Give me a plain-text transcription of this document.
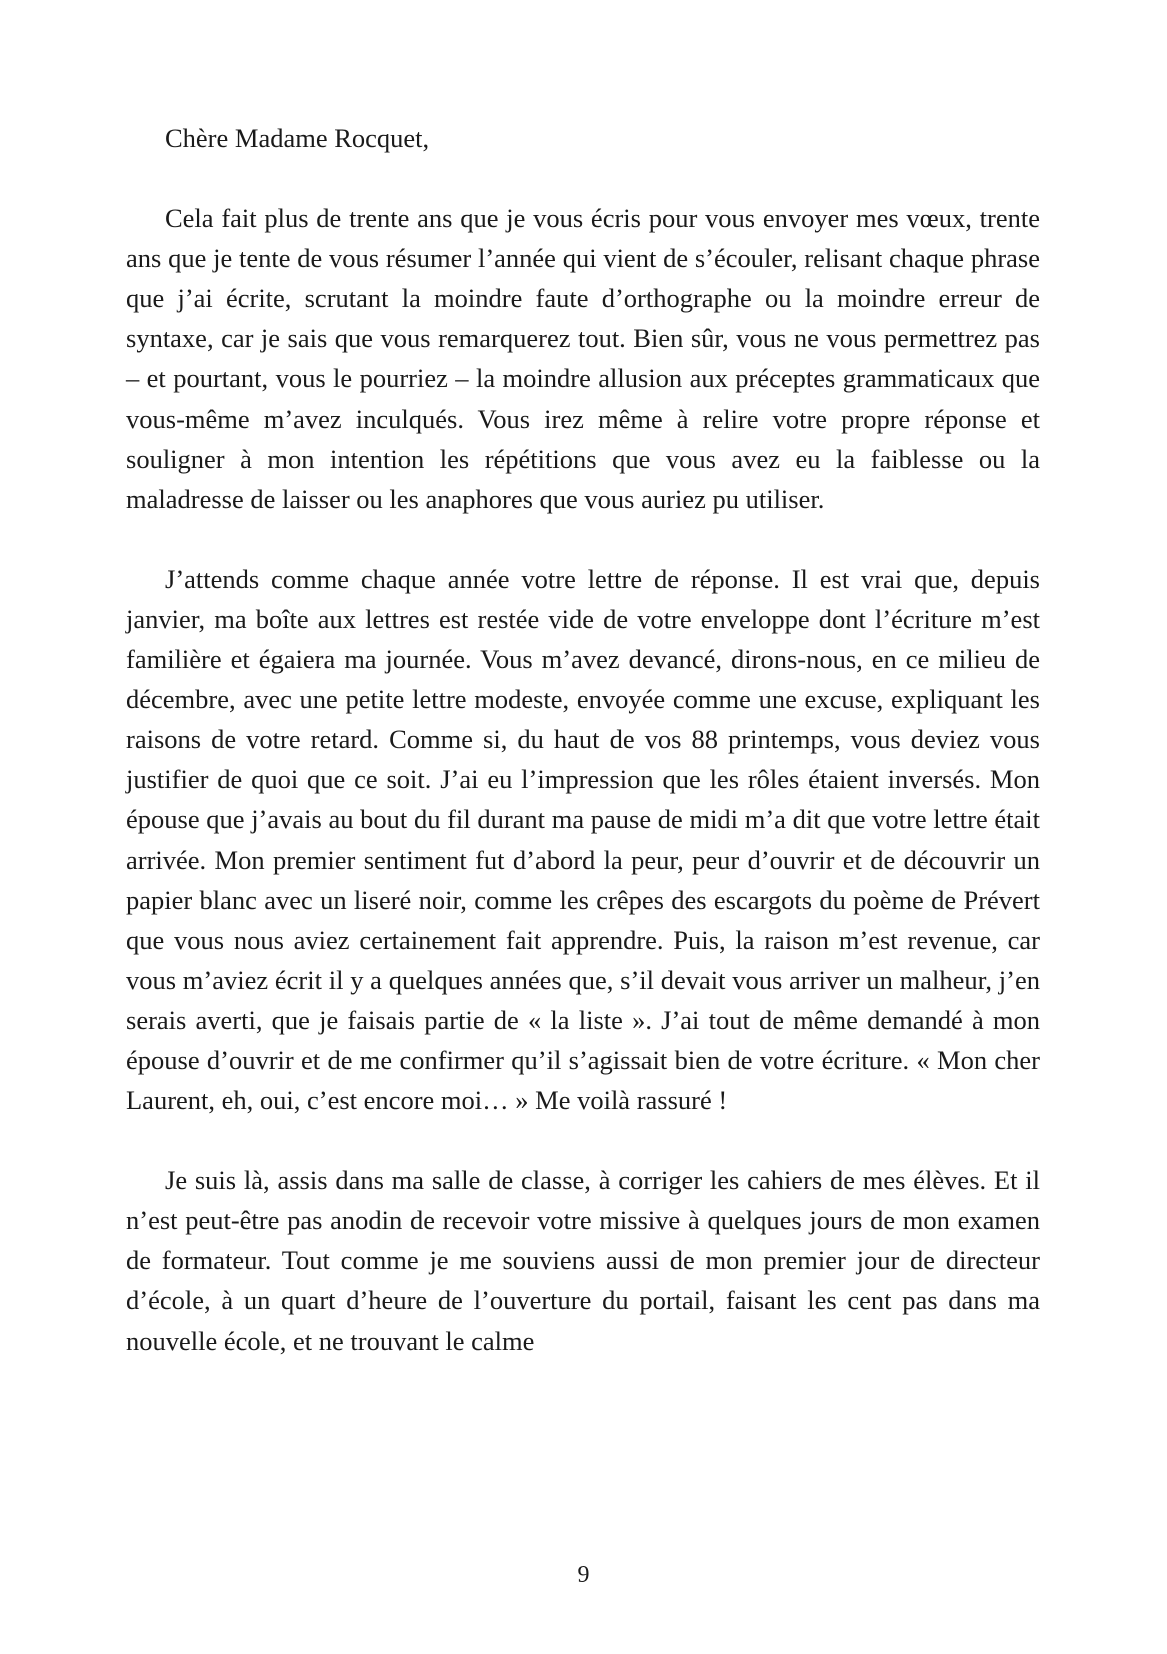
Chère Madame Rocquet,

Cela fait plus de trente ans que je vous écris pour vous envoyer mes vœux, trente ans que je tente de vous résumer l’année qui vient de s’écouler, relisant chaque phrase que j’ai écrite, scrutant la moindre faute d’orthographe ou la moindre erreur de syntaxe, car je sais que vous remarquerez tout. Bien sûr, vous ne vous permettrez pas – et pourtant, vous le pourriez – la moindre allusion aux préceptes grammaticaux que vous-même m’avez inculqués. Vous irez même à relire votre propre réponse et souligner à mon intention les répétitions que vous avez eu la faiblesse ou la maladresse de laisser ou les anaphores que vous auriez pu utiliser.

J’attends comme chaque année votre lettre de réponse. Il est vrai que, depuis janvier, ma boîte aux lettres est restée vide de votre enveloppe dont l’écriture m’est familière et égaiera ma journée. Vous m’avez devancé, dirons-nous, en ce milieu de décembre, avec une petite lettre modeste, envoyée comme une excuse, expliquant les raisons de votre retard. Comme si, du haut de vos 88 printemps, vous deviez vous justifier de quoi que ce soit. J’ai eu l’impression que les rôles étaient inversés. Mon épouse que j’avais au bout du fil durant ma pause de midi m’a dit que votre lettre était arrivée. Mon premier sentiment fut d’abord la peur, peur d’ouvrir et de découvrir un papier blanc avec un liseré noir, comme les crêpes des escargots du poème de Prévert que vous nous aviez certainement fait apprendre. Puis, la raison m’est revenue, car vous m’aviez écrit il y a quelques années que, s’il devait vous arriver un malheur, j’en serais averti, que je faisais partie de « la liste ». J’ai tout de même demandé à mon épouse d’ouvrir et de me confirmer qu’il s’agissait bien de votre écriture. « Mon cher Laurent, eh, oui, c’est encore moi… » Me voilà rassuré !

Je suis là, assis dans ma salle de classe, à corriger les cahiers de mes élèves. Et il n’est peut-être pas anodin de recevoir votre missive à quelques jours de mon examen de formateur. Tout comme je me souviens aussi de mon premier jour de directeur d’école, à un quart d’heure de l’ouverture du portail, faisant les cent pas dans ma nouvelle école, et ne trouvant le calme

9
